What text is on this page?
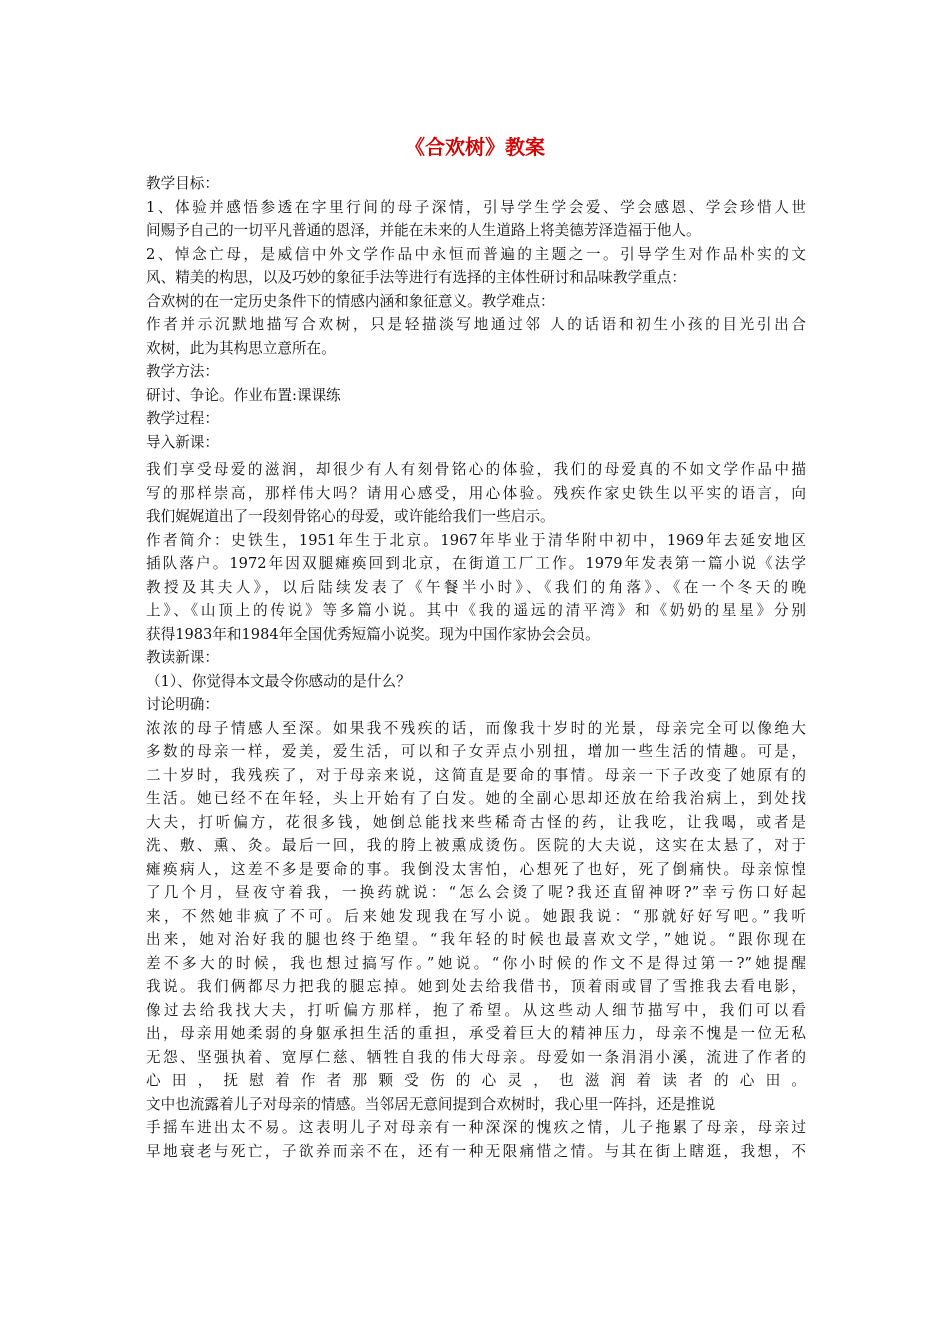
《合欢树》教案
教学目标：
1、体验并感悟参透在字里行间的母子深情，引导学生学会爱、学会感恩、学会珍惜人世
间赐予自己的一切平凡普通的恩泽，并能在未来的人生道路上将美德芳泽造福于他人。
2、悼念亡母，是威信中外文学作品中永恒而普遍的主题之一。引导学生对作品朴实的文
风、精美的构思，以及巧妙的象征手法等进行有选择的主体性研讨和品味教学重点：
合欢树的在一定历史条件下的情感内涵和象征意义。教学难点：
作者并示沉默地描写合欢树，只是轻描淡写地通过邻 人的话语和初生小孩的目光引出合
欢树，此为其构思立意所在。
教学方法：
研讨、争论。作业布置:课课练
教学过程：
导入新课：
我们享受母爱的滋润，却很少有人有刻骨铭心的体验，我们的母爱真的不如文学作品中描
写的那样崇高，那样伟大吗？请用心感受，用心体验。残疾作家史铁生以平实的语言，向
我们娓娓道出了一段刻骨铭心的母爱，或许能给我们一些启示。
作者简介：史铁生，1951年生于北京。1967年毕业于清华附中初中，1969年去延安地区
插队落户。1972年因双腿瘫痪回到北京，在街道工厂工作。1979年发表第一篇小说《法学
教授及其夫人》，以后陆续发表了《午餐半小时》、《我们的角落》、《在一个冬天的晚
上》、《山顶上的传说》等多篇小说。其中《我的遥远的清平湾》和《奶奶的星星》分别
获得1983年和1984年全国优秀短篇小说奖。现为中国作家协会会员。
教读新课：
（1）、你觉得本文最令你感动的是什么？
讨论明确：
浓浓的母子情感人至深。如果我不残疾的话，而像我十岁时的光景，母亲完全可以像绝大
多数的母亲一样，爱美，爱生活，可以和子女弄点小别扭，增加一些生活的情趣。可是，
二十岁时，我残疾了，对于母亲来说，这简直是要命的事情。母亲一下子改变了她原有的
生活。她已经不在年轻，头上开始有了白发。她的全副心思却还放在给我治病上，到处找
大夫，打听偏方，花很多钱，她倒总能找来些稀奇古怪的药，让我吃，让我喝，或者是
洗、敷、熏、灸。最后一回，我的胯上被熏成烫伤。医院的大夫说，这实在太悬了，对于
瘫痪病人，这差不多是要命的事。我倒没太害怕，心想死了也好，死了倒痛快。母亲惊惶
了几个月，昼夜守着我，一换药就说：“怎么会烫了呢?我还直留神呀?”幸亏伤口好起
来，不然她非疯了不可。后来她发现我在写小说。她跟我说：“那就好好写吧。”我听
出来，她对治好我的腿也终于绝望。“我年轻的时候也最喜欢文学，”她说。“跟你现在
差不多大的时候，我也想过搞写作。”她说。“你小时候的作文不是得过第一?”她提醒
我说。我们俩都尽力把我的腿忘掉。她到处去给我借书，顶着雨或冒了雪推我去看电影，
像过去给我找大夫，打听偏方那样，抱了希望。从这些动人细节描写中，我们可以看
出，母亲用她柔弱的身躯承担生活的重担，承受着巨大的精神压力，母亲不愧是一位无私
无怨、坚强执着、宽厚仁慈、牺牲自我的伟大母亲。母爱如一条涓涓小溪，流进了作者的
心田，抚慰着作者那颗受伤的心灵，也滋润着读者的心田。
文中也流露着儿子对母亲的情感。当邻居无意间提到合欢树时，我心里一阵抖，还是推说
手摇车进出太不易。这表明儿子对母亲有一种深深的愧疚之情，儿子拖累了母亲，母亲过
早地衰老与死亡，子欲养而亲不在，还有一种无限痛惜之情。与其在街上瞎逛，我想，不
